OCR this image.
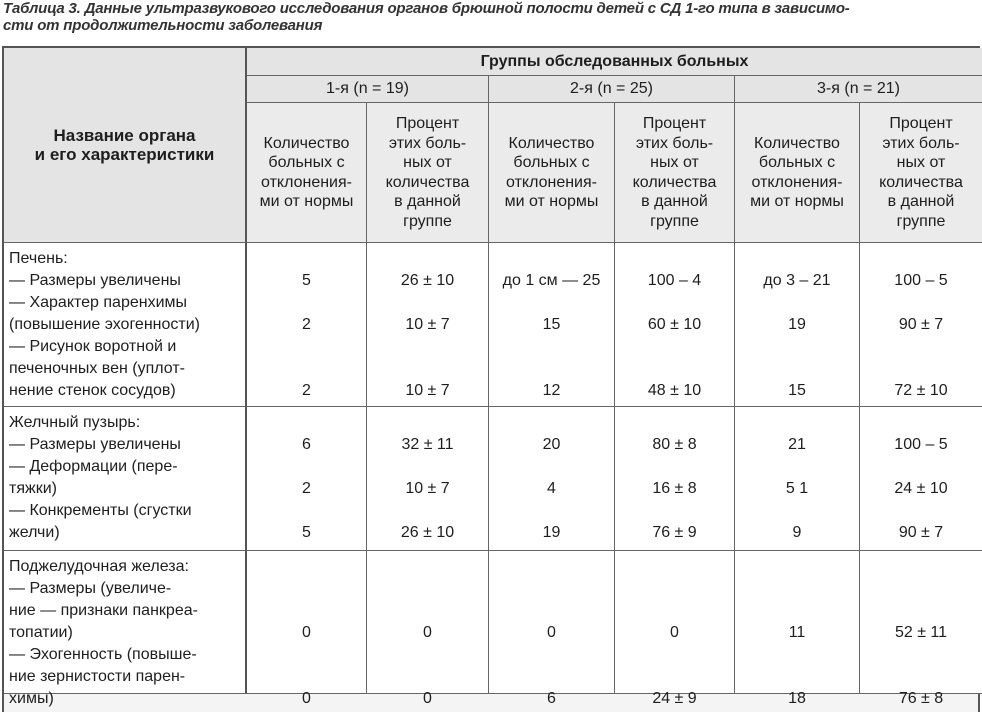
Таблица 3. Данные ультразвукового исследования органов брюшной полости детей с СД 1-го типа в зависимо-
сти от продолжительности заболевания
Название органа
и его характеристики
Группы обследованных больных
1-я (n = 19)	2-я (n = 25)	3-я (n = 21)
Количество
больных с
отклонения-
ми от нормы
Процент
этих боль-
ных от
количества
в данной
группе
Количество
больных с
отклонения-
ми от нормы
Процент
этих боль-
ных от
количества
в данной
группе
Количество
больных с
отклонения-
ми от нормы
Процент
этих боль-
ных от
количества
в данной
группе
Печень:
— Размеры увеличены
— Характер паренхимы
(повышение эхогенности)
— Рисунок воротной и
печеночных вен (уплот-
нение стенок сосудов)
5
2
2
26 ± 10
10 ± 7
10 ± 7
до 1 см — 25
15
12
100 – 4
60 ± 10
48 ± 10
до 3 – 21
19
15
100 – 5
90 ± 7
72 ± 10
Желчный пузырь:
— Размеры увеличены
— Деформации (пере-
тяжки)
— Конкременты (сгустки
желчи)
6
2
5
32 ± 11
10 ± 7
26 ± 10
20
4
19
80 ± 8
16 ± 8
76 ± 9
21
5 1
9
100 – 5
24 ± 10
90 ± 7
Поджелудочная железа:
— Размеры (увеличе-
ние — признаки панкреа-
топатии)
— Эхогенность (повыше-
ние зернистости парен-
химы)
0
0
0
0
0
6
0
24 ± 9
11
18
52 ± 11
76 ± 8
